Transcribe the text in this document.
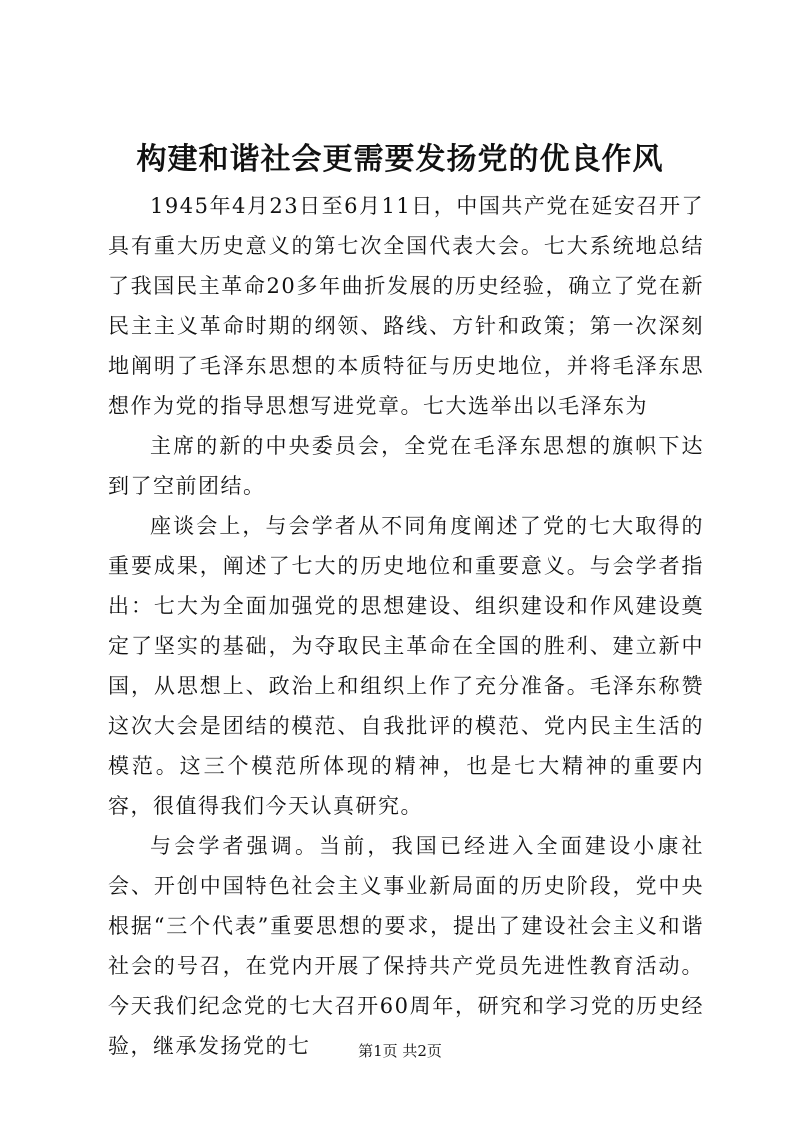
构建和谐社会更需要发扬党的优良作风

1945年4月23日至6月11日，中国共产党在延安召开了具有重大历史意义的第七次全国代表大会。七大系统地总结了我国民主革命20多年曲折发展的历史经验，确立了党在新民主主义革命时期的纲领、路线、方针和政策；第一次深刻地阐明了毛泽东思想的本质特征与历史地位，并将毛泽东思想作为党的指导思想写进党章。七大选举出以毛泽东为

主席的新的中央委员会，全党在毛泽东思想的旗帜下达到了空前团结。

座谈会上，与会学者从不同角度阐述了党的七大取得的重要成果，阐述了七大的历史地位和重要意义。与会学者指出：七大为全面加强党的思想建设、组织建设和作风建设奠定了坚实的基础，为夺取民主革命在全国的胜利、建立新中国，从思想上、政治上和组织上作了充分准备。毛泽东称赞这次大会是团结的模范、自我批评的模范、党内民主生活的模范。这三个模范所体现的精神，也是七大精神的重要内容，很值得我们今天认真研究。

与会学者强调。当前，我国已经进入全面建设小康社会、开创中国特色社会主义事业新局面的历史阶段，党中央根据“三个代表”重要思想的要求，提出了建设社会主义和谐社会的号召，在党内开展了保持共产党员先进性教育活动。今天我们纪念党的七大召开60周年，研究和学习党的历史经验，继承发扬党的七	第1页 共2页
